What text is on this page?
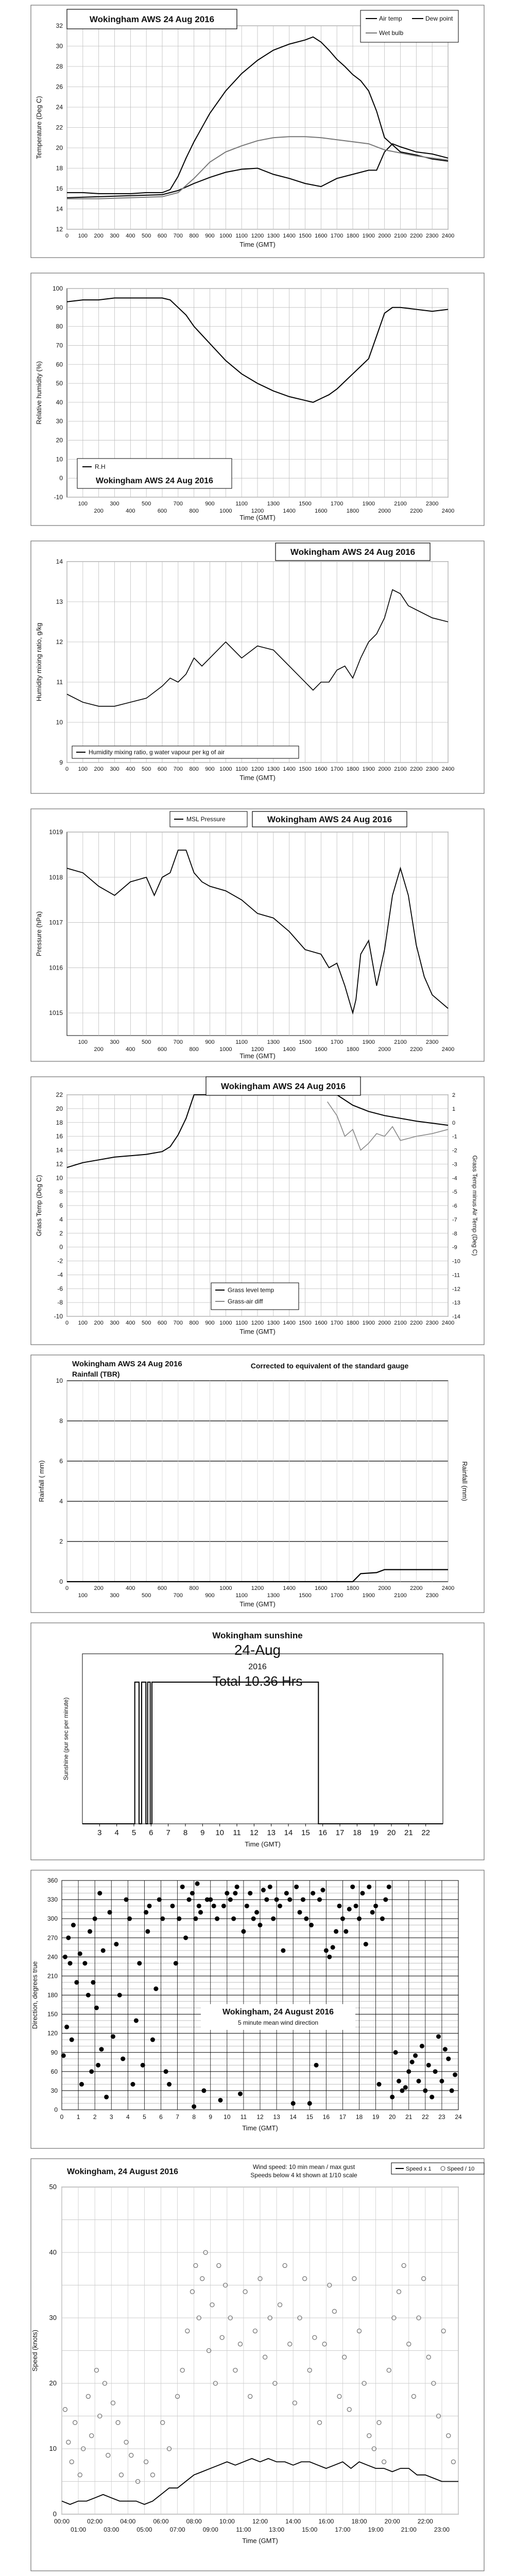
12
14
16
18
20
22
24
26
28
30
32
0 100 200 300 400 500 600 700 800 900 1000 1100 1200 1300 1400 1500 1600 1700 1800 1900 2000 2100 2200 2300 2400
Time (GMT)
Temperature (Deg C)
Wokingham AWS 24 Aug 2016	Air temp	Dew point
Wet bulb
-10
0
10
20
30
40
50
60
70
80
90
100
100
200
300
400
500
600
700
800
900
1000
1100
1200
1300
1400
1500
1600
1700
1800
1900
2000
2100
2200
2300
2400
Time (GMT)
Relative humidity (%)
R.H
Wokingham AWS 24 Aug 2016
9
10
11
12
13
14
0 100 200 300 400 500 600 700 800 900 1000 1100 1200 1300 1400 1500 1600 1700 1800 1900 2000 2100 2200 2300 2400
Time (GMT)
Humidity mixing ratio, g/kg
Wokingham AWS 24 Aug 2016
Humidity mixing ratio, g water vapour per kg of air
1015
1016
1017
1018
1019
100
200
300
400
500
600
700
800
900
1000
1100
1200
1300
1400
1500
1600
1700
1800
1900
2000
2100
2200
2300
2400
Time (GMT)
Pressure (hPa)
MSL Pressure	Wokingham AWS 24 Aug 2016
-10
-8
-6
-4
-2
0
2
4
6
8
10
12
14
16
18
20
22
0 100 200 300 400 500 600 700 800 900 1000 1100 1200 1300 1400 1500 1600 1700 1800 1900 2000 2100 2200 2300 2400
Time (GMT)
Grass Temp (Deg C)
-14
-13
-12
-11
-10
-9
-8
-7
-6
-5
-4
-3
-2
-1
0
1
2
Grass Temp minus Air Temp (Deg C)
Wokingham AWS 24 Aug 2016
Grass level temp
Grass-air diff
0
2
4
6
8
10
0
100
200
300
400
500
600
700
800
900
1000
1100
1200
1300
1400
1500
1600
1700
1800
1900
2000
2100
2200
2300
2400
Time (GMT)
Rainfall ( mm)	Rainfall (mm)
Wokingham AWS 24 Aug 2016
Rainfall (TBR)
Corrected to equivalent of the standard gauge
3 4 5 6 7 8 9 10 11 12 13 14 15 16 17 18 19 20 21 22
Time (GMT)
Sunshine (pur sec per minute)
Wokingham sunshine
24-Aug
2016
Total 10.36 Hrs
0
30
60
90
120
150
180
210
240
270
300
330
360
0 1 2 3 4 5 6 7 8 9 10 11 12 13 14 15 16 17 18 19 20 21 22 23 24
Time (GMT)
Direction, degrees true	Wokingham, 24 August 2016
5 minute mean wind direction
0
10
20
30
40
50
00:00	02:00	04:00	06:00	08:00	10:00	12:00	14:00	16:00	18:00	20:00	22:00
01:00	03:00	05:00	07:00	09:00	11:00	13:00	15:00	17:00	19:00	21:00	23:00
Time (GMT)
Speed (knots)
Wokingham, 24 August 2016
Wind speed: 10 min mean / max gust
Speeds below 4 kt shown at 1/10 scale
Speed x 1	Speed / 10
